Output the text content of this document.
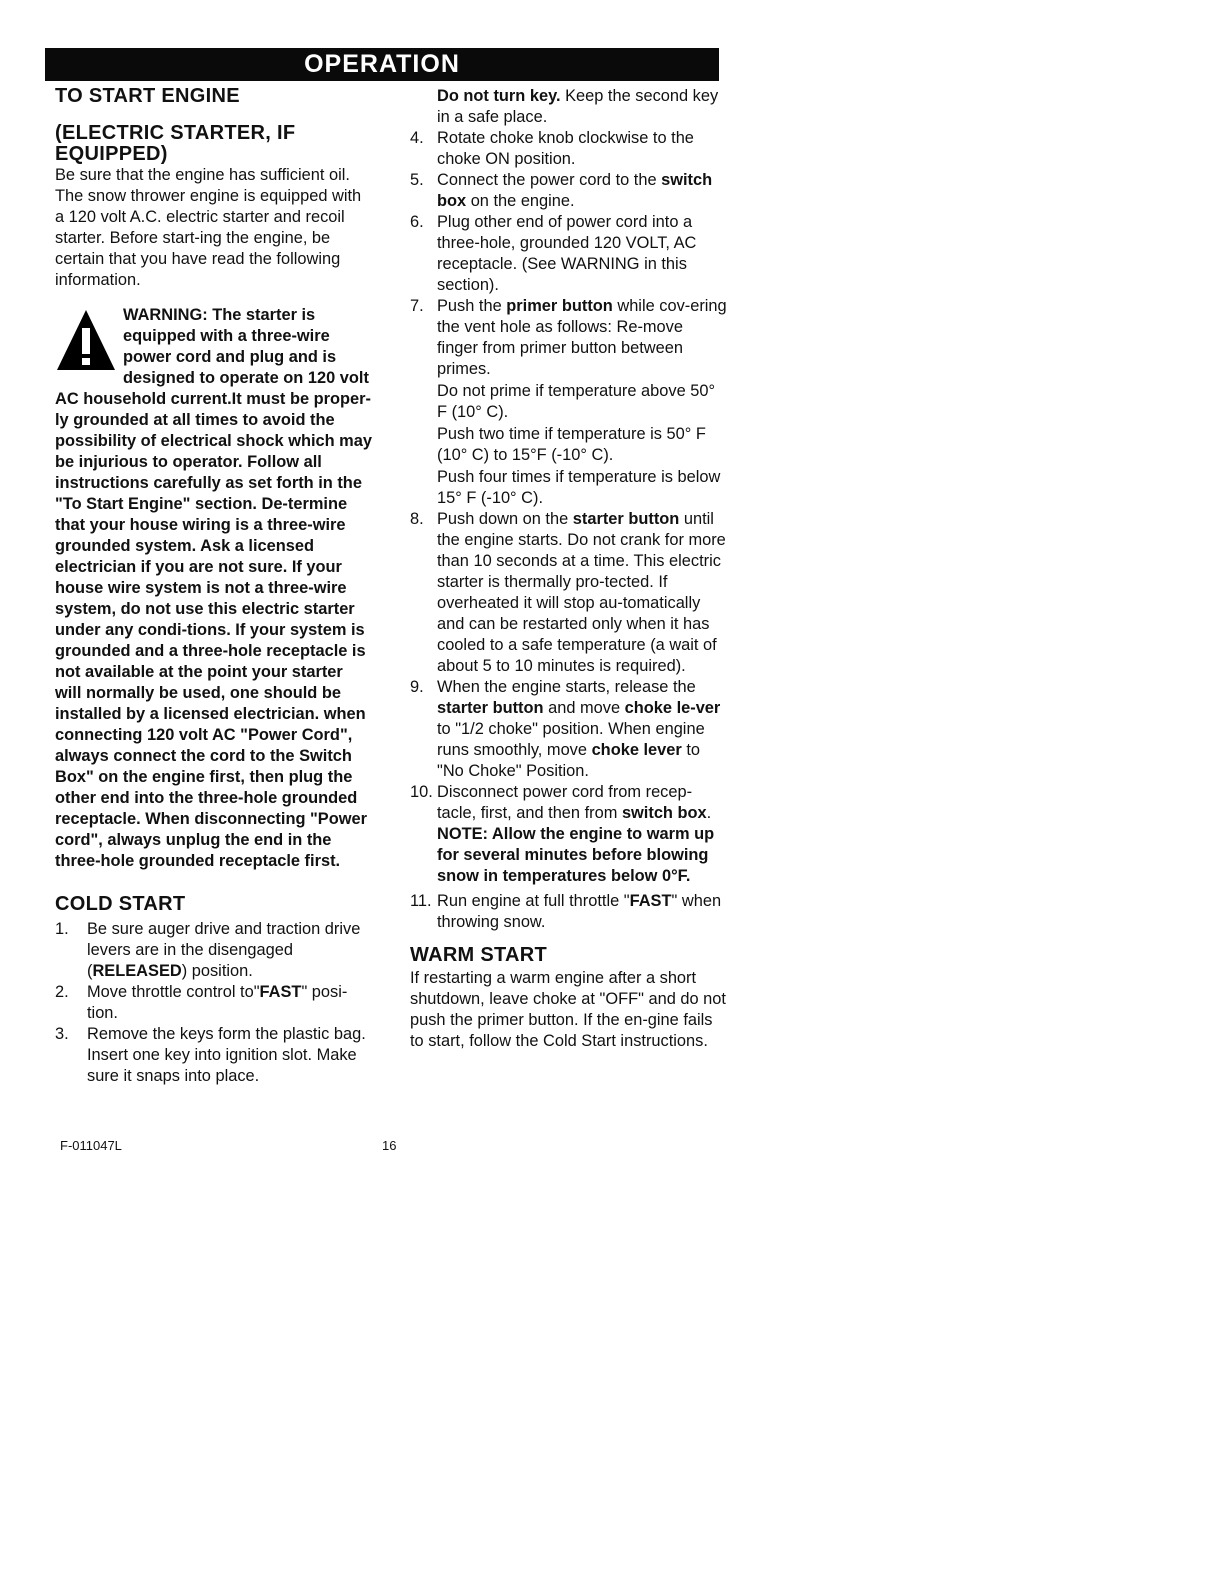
OPERATION
TO START ENGINE
(ELECTRIC STARTER, IF EQUIPPED)

Be sure that the engine has sufficient oil. The snow thrower engine is equipped with a 120 volt A.C. electric starter and recoil starter. Before start-ing the engine, be certain that you have read the following information.

WARNING: The starter is equipped with a three-wire power cord and plug and is designed to operate on 120 volt AC household current.It must be proper-ly grounded at all times to avoid the possibility of electrical shock which may be injurious to operator. Follow all instructions carefully as set forth in the "To Start Engine" section. De-termine that your house wiring is a three-wire grounded system. Ask a licensed electrician if you are not sure. If your house wire system is not a three-wire system, do not use this electric starter under any condi-tions. If your system is grounded and a three-hole receptacle is not available at the point your starter will normally be used, one should be installed by a licensed electrician. when connecting 120 volt AC "Power Cord", always connect the cord to the Switch Box" on the engine first, then plug the other end into the three-hole grounded receptacle. When disconnecting "Power cord", always unplug the end in the three-hole grounded receptacle first.
COLD START
1. Be sure auger drive and traction drive levers are in the disengaged (RELEASED) position.
2. Move throttle control to"FAST" posi-tion.
3. Remove the keys form the plastic bag. Insert one key into ignition slot. Make sure it snaps into place.
Do not turn key. Keep the second key in a safe place.
4. Rotate choke knob clockwise to the choke ON position.
5. Connect the power cord to the switch box on the engine.
6. Plug other end of power cord into a three-hole, grounded 120 VOLT, AC receptacle. (See WARNING in this section).
7. Push the primer button while cov-ering the vent hole as follows: Re-move finger from primer button between primes.

Do not prime if temperature above 50° F (10° C).

Push two time if temperature is 50° F (10° C) to 15°F (-10° C).

Push four times if temperature is below 15° F (-10° C).

8. Push down on the starter button until the engine starts. Do not crank for more than 10 seconds at a time. This electric starter is thermally pro-tected. If overheated it will stop au-tomatically and can be restarted only when it has cooled to a safe temperature (a wait of about 5 to 10 minutes is required).
9. When the engine starts, release the starter button and move choke le-ver to "1/2 choke" position. When engine runs smoothly, move choke lever to "No Choke" Position.
10. Disconnect power cord from recep-tacle, first, and then from switch box.

NOTE: Allow the engine to warm up for several minutes before blowing snow in temperatures below 0°F.

11. Run engine at full throttle "FAST" when throwing snow.
WARM START

If restarting a warm engine after a short shutdown, leave choke at "OFF" and do not push the primer button. If the en-gine fails to start, follow the Cold Start instructions.

F-011047L	16
